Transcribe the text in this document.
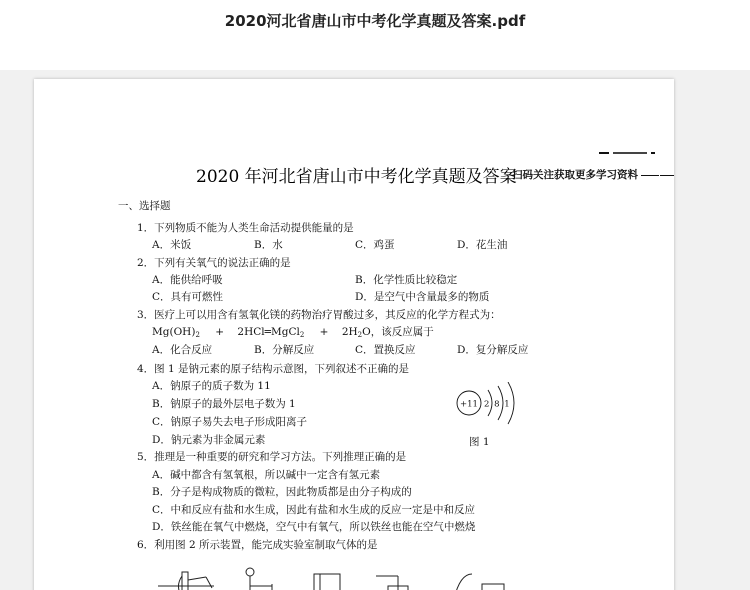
2020河北省唐山市中考化学真题及答案.pdf
2020 年河北省唐山市中考化学真题及答案
扫码关注获取更多学习资料
一、选择题
1．下列物质不能为人类生命活动提供能量的是
A．米饭	B．水	C．鸡蛋	D．花生油
2．下列有关氧气的说法正确的是
A．能供给呼吸	B．化学性质比较稳定
C．具有可燃性	D．是空气中含量最多的物质
3．医疗上可以用含有氢氧化镁的药物治疗胃酸过多，其反应的化学方程式为：
$Mg(OH)_2$ + 2HCl═MgCl$_2$ + $2H_2O$，该反应属于
A．化合反应	B．分解反应	C．置换反应	D．复分解反应
4．图 1 是钠元素的原子结构示意图，下列叙述不正确的是
A．钠原子的质子数为 11
B．钠原子的最外层电子数为 1
C．钠原子易失去电子形成阳离子
D．钠元素为非金属元素
+11 2 8 1
图 1
5．推理是一种重要的研究和学习方法。下列推理正确的是
A．碱中都含有氢氧根，所以碱中一定含有氢元素
B．分子是构成物质的微粒，因此物质都是由分子构成的
C．中和反应有盐和水生成，因此有盐和水生成的反应一定是中和反应
D．铁丝能在氧气中燃烧，空气中有氧气，所以铁丝也能在空气中燃烧
6．利用图 2 所示装置，能完成实验室制取气体的是
